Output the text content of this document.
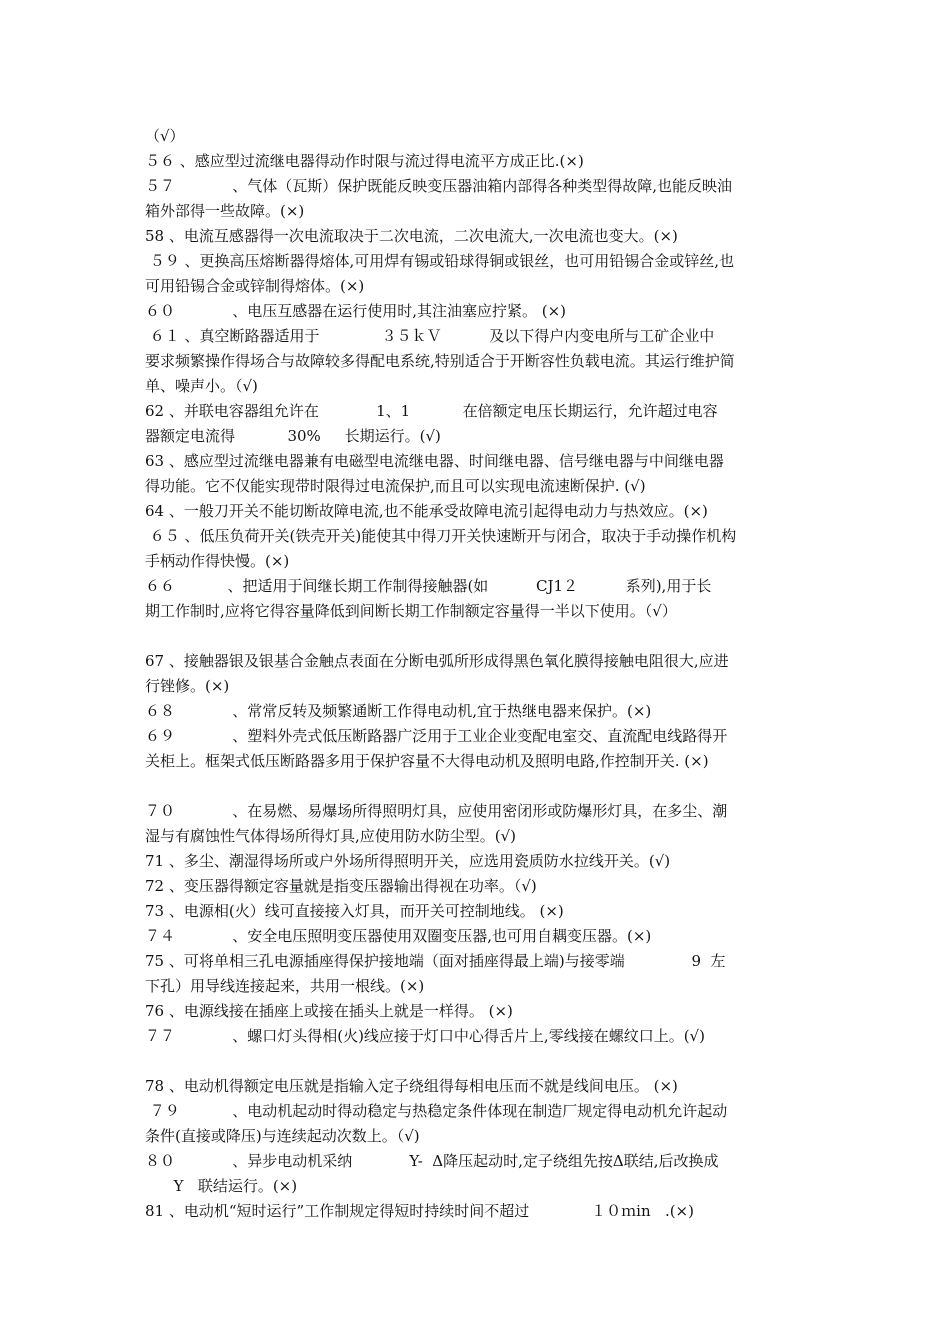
（√）
５６ 、感应型过流继电器得动作时限与流过得电流平方成正比.(×)
５７            、气体（瓦斯）保护既能反映变压器油箱内部得各种类型得故障,也能反映油
箱外部得一些故障。(×)
58 、电流互感器得一次电流取决于二次电流，二次电流大,一次电流也变大。(×)
５９ 、更换高压熔断器得熔体,可用焊有锡或铅球得铜或银丝，也可用铅锡合金或锌丝,也
可用铅锡合金或锌制得熔体。(×)
６０            、电压互感器在运行使用时,其注油塞应拧紧。 (×)
６１ 、真空断路器适用于             ３５ｋＶ          及以下得户内变电所与工矿企业中
要求频繁操作得场合与故障较多得配电系统,特别适合于开断容性负载电流。其运行维护简
单、噪声小。（√)
62 、并联电容器组允许在            1、1           在倍额定电压长期运行，允许超过电容
器额定电流得           30%     长期运行。(√)
63 、感应型过流继电器兼有电磁型电流继电器、时间继电器、信号继电器与中间继电器
得功能。它不仅能实现带时限得过电流保护,而且可以实现电流速断保护. (√)
64 、一般刀开关不能切断故障电流,也不能承受故障电流引起得电动力与热效应。(×)
６５ 、低压负荷开关(铁壳开关)能使其中得刀开关快速断开与闭合，取决于手动操作机构
手柄动作得快慢。(×)
６６           、把适用于间继长期工作制得接触器(如          CJ1２          系列),用于长
期工作制时,应将它得容量降低到间断长期工作制额定容量得一半以下使用。（√）
67 、接触器银及银基合金触点表面在分断电弧所形成得黑色氧化膜得接触电阻很大,应进
行锉修。(×)
６８            、常常反转及频繁通断工作得电动机,宜于热继电器来保护。(×)
６９            、塑料外壳式低压断路器广泛用于工业企业变配电室交、直流配电线路得开
关柜上。框架式低压断路器多用于保护容量不大得电动机及照明电路,作控制开关. (×)
７０            、在易燃、易爆场所得照明灯具，应使用密闭形或防爆形灯具，在多尘、潮
湿与有腐蚀性气体得场所得灯具,应使用防水防尘型。(√)
71 、多尘、潮湿得场所或户外场所得照明开关，应选用瓷质防水拉线开关。(√)
72 、变压器得额定容量就是指变压器输出得视在功率。（√)
73 、电源相(火）线可直接接入灯具，而开关可控制地线。 (×)
７４            、安全电压照明变压器使用双圈变压器,也可用自耦变压器。(×)
75 、可将单相三孔电源插座得保护接地端（面对插座得最上端)与接零端              9  左
下孔）用导线连接起来，共用一根线。(×)
76 、电源线接在插座上或接在插头上就是一样得。 (×)
７７            、螺口灯头得相(火)线应接于灯口中心得舌片上,零线接在螺纹口上。(√)
78 、电动机得额定电压就是指输入定子绕组得每相电压而不就是线间电压。 (×)
７９           、电动机起动时得动稳定与热稳定条件体现在制造厂规定得电动机允许起动
条件(直接或降压)与连续起动次数上。（√)
８０            、异步电动机采纳            Y-  Δ降压起动时,定子绕组先按Δ联结,后改换成
Y   联结运行。(×)
81 、电动机“短时运行”工作制规定得短时持续时间不超过             １０ｍin   .(×)
